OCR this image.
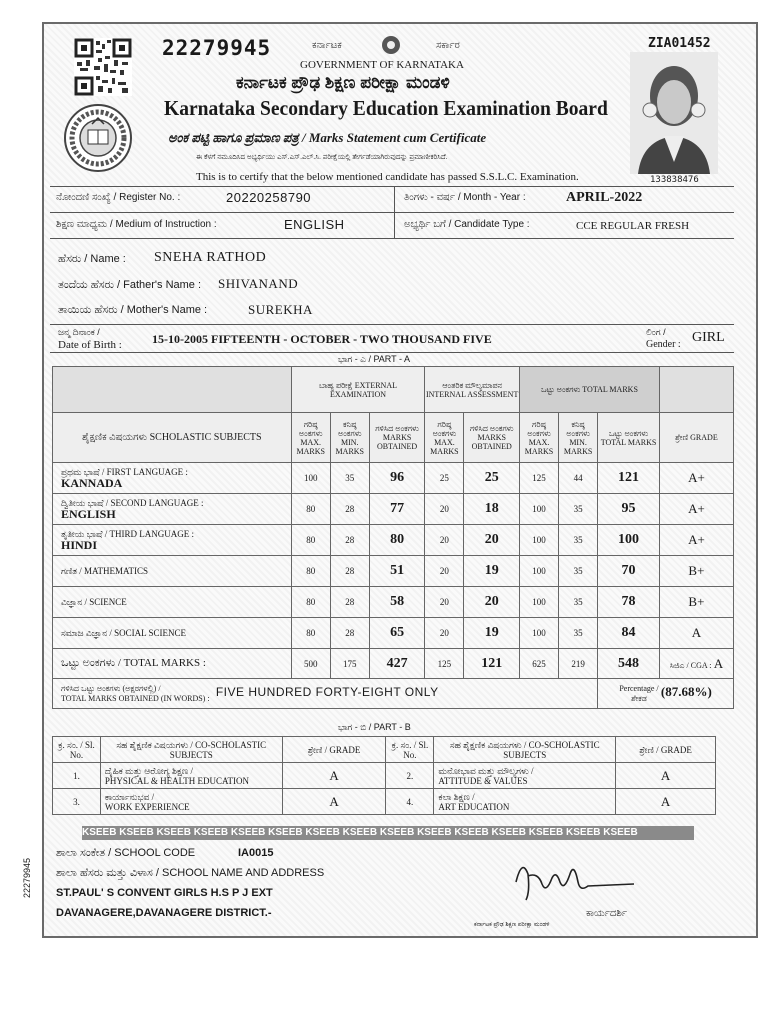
22279945	ಕರ್ನಾಟಕ	ಸರ್ಕಾರ	ZIA01452
GOVERNMENT OF KARNATAKA
ಕರ್ನಾಟಕ ಪ್ರೌಢ ಶಿಕ್ಷಣ ಪರೀಕ್ಷಾ ಮಂಡಳಿ
Karnataka Secondary Education Examination Board
ಅಂಕ ಪಟ್ಟಿ ಹಾಗೂ ಪ್ರಮಾಣ ಪತ್ರ / Marks Statement cum Certificate
ಈ ಕೆಳಗೆ ನಮೂದಿಸಿದ ಅಭ್ಯರ್ಥಿಯು ಎಸ್.ಎಸ್.ಎಲ್.ಸಿ. ಪರೀಕ್ಷೆಯಲ್ಲಿ ತೇರ್ಗಡೆಯಾಗಿರುವುದನ್ನು ಪ್ರಮಾಣೀಕರಿಸಿದೆ.
This is to certify that the below mentioned candidate has passed S.S.L.C. Examination.	133838476
ನೋಂದಣಿ ಸಂಖ್ಯೆ / Register No. :	20220258790	ತಿಂಗಳು - ವರ್ಷ / Month - Year :	APRIL-2022
ಶಿಕ್ಷಣ ಮಾಧ್ಯಮ / Medium of Instruction :	ENGLISH	ಅಭ್ಯರ್ಥಿ ಬಗೆ / Candidate Type :	CCE REGULAR FRESH
ಹೆಸರು / Name : SNEHA RATHOD
ತಂದೆಯ ಹೆಸರು / Father's Name : SHIVANAND
ತಾಯಿಯ ಹೆಸರು / Mother's Name :	SUREKHA
ಜನ್ಮ ದಿನಾಂಕ /
Date of Birth :	15-10-2005 FIFTEENTH - OCTOBER - TWO THOUSAND FIVE	ಲಿಂಗ /
Gender : GIRL
ಭಾಗ - ಎ / PART - A
	ಬಾಹ್ಯ ಪರೀಕ್ಷೆ EXTERNAL EXAMINATION			ಆಂತರಿಕ ಮೌಲ್ಯಮಾಪನ INTERNAL ASSESSMENT		ಒಟ್ಟು ಅಂಕಗಳು TOTAL MARKS			
ಶೈಕ್ಷಣಿಕ ವಿಷಯಗಳು SCHOLASTIC SUBJECTS	ಗರಿಷ್ಠ ಅಂಕಗಳು MAX. MARKS	ಕನಿಷ್ಠ ಅಂಕಗಳು MIN. MARKS	ಗಳಿಸಿದ ಅಂಕಗಳು MARKS OBTAINED	ಗರಿಷ್ಠ ಅಂಕಗಳು MAX. MARKS	ಗಳಿಸಿದ ಅಂಕಗಳು MARKS OBTAINED	ಗರಿಷ್ಠ ಅಂಕಗಳು MAX. MARKS	ಕನಿಷ್ಠ ಅಂಕಗಳು MIN. MARKS	ಒಟ್ಟು ಅಂಕಗಳು TOTAL MARKS	ಶ್ರೇಣಿ GRADE
ಪ್ರಥಮ ಭಾಷೆ / FIRST LANGUAGE :
KANNADA	100	35	96	25	25	125	44	121	A+
ದ್ವಿತೀಯ ಭಾಷೆ / SECOND LANGUAGE :
ENGLISH	80	28	77	20	18	100	35	95	A+
ತೃತೀಯ ಭಾಷೆ / THIRD LANGUAGE :
HINDI	80	28	80	20	20	100	35	100	A+
ಗಣಿತ / MATHEMATICS	80	28	51	20	19	100	35	70	B+
ವಿಜ್ಞಾನ / SCIENCE	80	28	58	20	20	100	35	78	B+
ಸಮಾಜ ವಿಜ್ಞಾನ / SOCIAL SCIENCE	80	28	65	20	19	100	35	84	A
ಒಟ್ಟು ಅಂಕಗಳು / TOTAL MARKS :	500	175	427	125	121	625	219	548	ಸಿಜಿಎ / CGA : A
ಗಳಿಸಿದ ಒಟ್ಟು ಅಂಕಗಳು (ಅಕ್ಷರಗಳಲ್ಲಿ) /
TOTAL MARKS OBTAINED (IN WORDS) : FIVE HUNDRED FORTY-EIGHT ONLY								Percentage /
ಶೇಕಡ (87.68%)	
ಭಾಗ - ಬಿ / PART - B
ಕ್ರ. ಸಂ. / Sl. No.	ಸಹ ಶೈಕ್ಷಣಿಕ ವಿಷಯಗಳು / CO-SCHOLASTIC SUBJECTS	ಶ್ರೇಣಿ / GRADE	ಕ್ರ. ಸಂ. / Sl. No.	ಸಹ ಶೈಕ್ಷಣಿಕ ವಿಷಯಗಳು / CO-SCHOLASTIC SUBJECTS	ಶ್ರೇಣಿ / GRADE
1.	ದೈಹಿಕ ಮತ್ತು ಆರೋಗ್ಯ ಶಿಕ್ಷಣ /
PHYSICAL & HEALTH EDUCATION	A	2.	ಮನೋಭಾವ ಮತ್ತು ಮೌಲ್ಯಗಳು /
ATTITUDE & VALUES	A
3.	ಕಾರ್ಯಾನುಭವ /
WORK EXPERIENCE	A	4.	ಕಲಾ ಶಿಕ್ಷಣ /
ART EDUCATION	A
KSEEB KSEEB KSEEB KSEEB KSEEB KSEEB KSEEB KSEEB KSEEB KSEEB KSEEB KSEEB KSEEB KSEEB KSEEB
ಶಾಲಾ ಸಂಕೇತ / SCHOOL CODE	IA0015
ಶಾಲಾ ಹೆಸರು ಮತ್ತು ವಿಳಾಸ / SCHOOL NAME AND ADDRESS
ST.PAUL' S CONVENT GIRLS H.S P J EXT
DAVANAGERE,DAVANAGERE DISTRICT.-
22279945
ಕಾರ್ಯದರ್ಶಿ
ಕರ್ನಾಟಕ ಪ್ರೌಢ ಶಿಕ್ಷಣ ಪರೀಕ್ಷಾ ಮಂಡಳಿ
